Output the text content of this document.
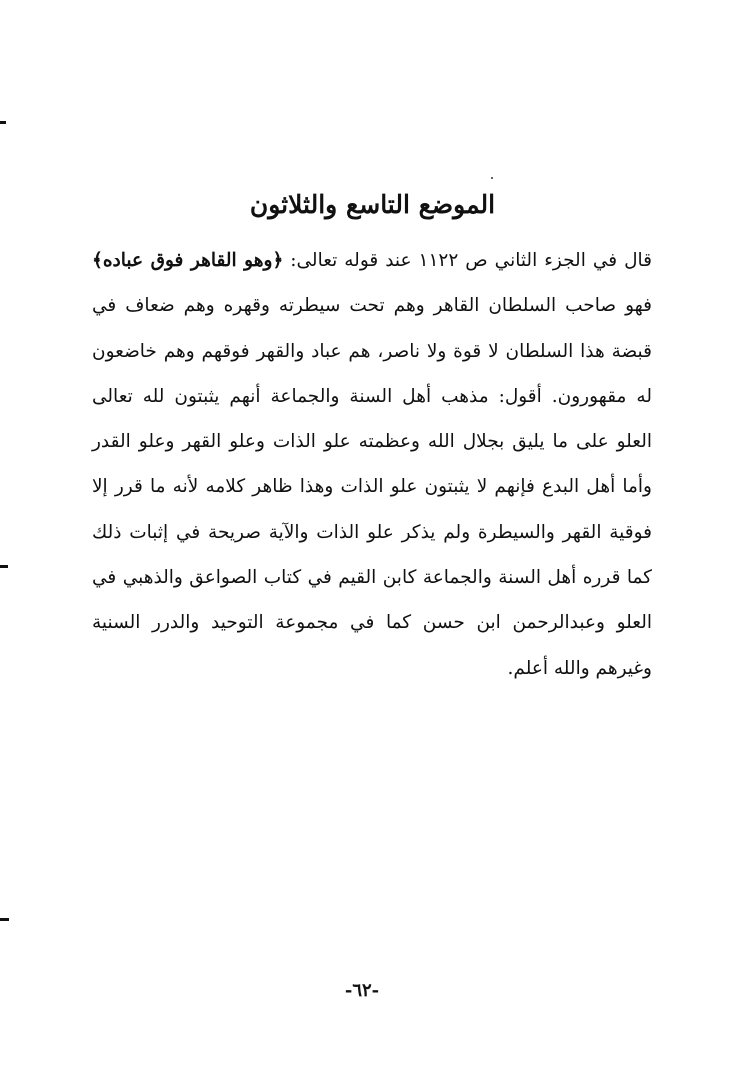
الموضع التاسع والثلاثون
قال في الجزء الثاني ص ١١٢٢ عند قوله تعالى: ﴿وهو القاهر فوق عباده﴾ فهو صاحب السلطان القاهر وهم تحت سيطرته وقهره وهم ضعاف في قبضة هذا السلطان لا قوة ولا ناصر، هم عباد والقهر فوقهم وهم خاضعون له مقهورون. أقول: مذهب أهل السنة والجماعة أنهم يثبتون لله تعالى العلو على ما يليق بجلال الله وعظمته علو الذات وعلو القهر وعلو القدر وأما أهل البدع فإنهم لا يثبتون علو الذات وهذا ظاهر كلامه لأنه ما قرر إلا فوقية القهر والسيطرة ولم يذكر علو الذات والآية صريحة في إثبات ذلك كما قرره أهل السنة والجماعة كابن القيم في كتاب الصواعق والذهبي في العلو وعبدالرحمن ابن حسن كما في مجموعة التوحيد والدرر السنية وغيرهم والله أعلم.
-٦٢-
